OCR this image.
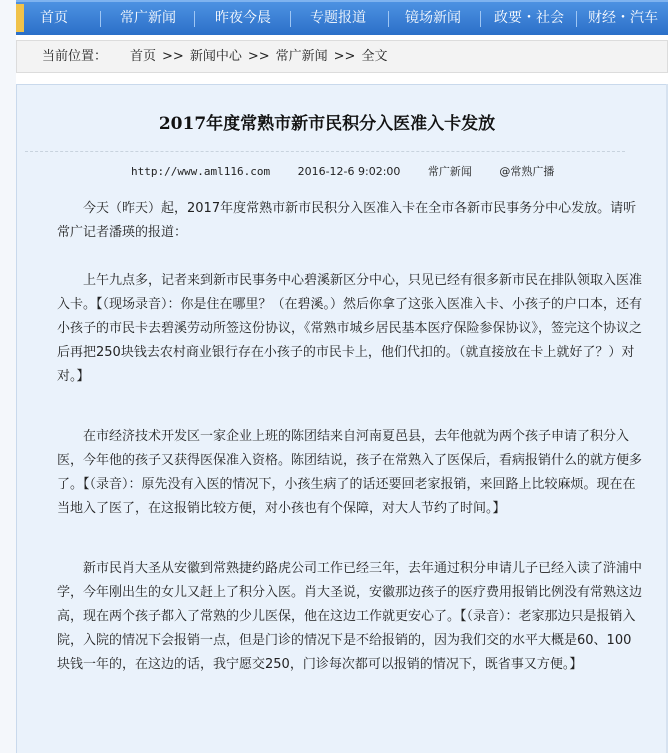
首页	常广新闻	昨夜今晨	专题报道	镜场新闻 政要・社会 财经・汽车
当前位置： 首页 >> 新闻中心 >> 常广新闻 >> 全文
2017年度常熟市新市民积分入医准入卡发放
http://www.aml116.com	2016-12-6 9:02:00	常广新闻	@常熟广播

今天（昨天）起，2017年度常熟市新市民积分入医准入卡在全市各新市民事务分中心发放。请听常广记者潘瑛的报道：

上午九点多，记者来到新市民事务中心碧溪新区分中心，只见已经有很多新市民在排队领取入医准入卡。【（现场录音）：你是住在哪里？（在碧溪。）然后你拿了这张入医准入卡、小孩子的户口本，还有小孩子的市民卡去碧溪劳动所签这份协议，《常熟市城乡居民基本医疗保险参保协议》，签完这个协议之后再把250块钱去农村商业银行存在小孩子的市民卡上，他们代扣的。（就直接放在卡上就好了？）对对。】

在市经济技术开发区一家企业上班的陈团结来自河南夏邑县，去年他就为两个孩子申请了积分入医，今年他的孩子又获得医保准入资格。陈团结说，孩子在常熟入了医保后，看病报销什么的就方便多了。【（录音）：原先没有入医的情况下，小孩生病了的话还要回老家报销，来回路上比较麻烦。现在在当地入了医了，在这报销比较方便，对小孩也有个保障，对大人节约了时间。】

新市民肖大圣从安徽到常熟捷约路虎公司工作已经三年，去年通过积分申请儿子已经入读了浒浦中学，今年刚出生的女儿又赶上了积分入医。肖大圣说，安徽那边孩子的医疗费用报销比例没有常熟这边高，现在两个孩子都入了常熟的少儿医保，他在这边工作就更安心了。【（录音）：老家那边只是报销入院，入院的情况下会报销一点，但是门诊的情况下是不给报销的，因为我们交的水平大概是60、100块钱一年的，在这边的话，我宁愿交250，门诊每次都可以报销的情况下，既省事又方便。】
